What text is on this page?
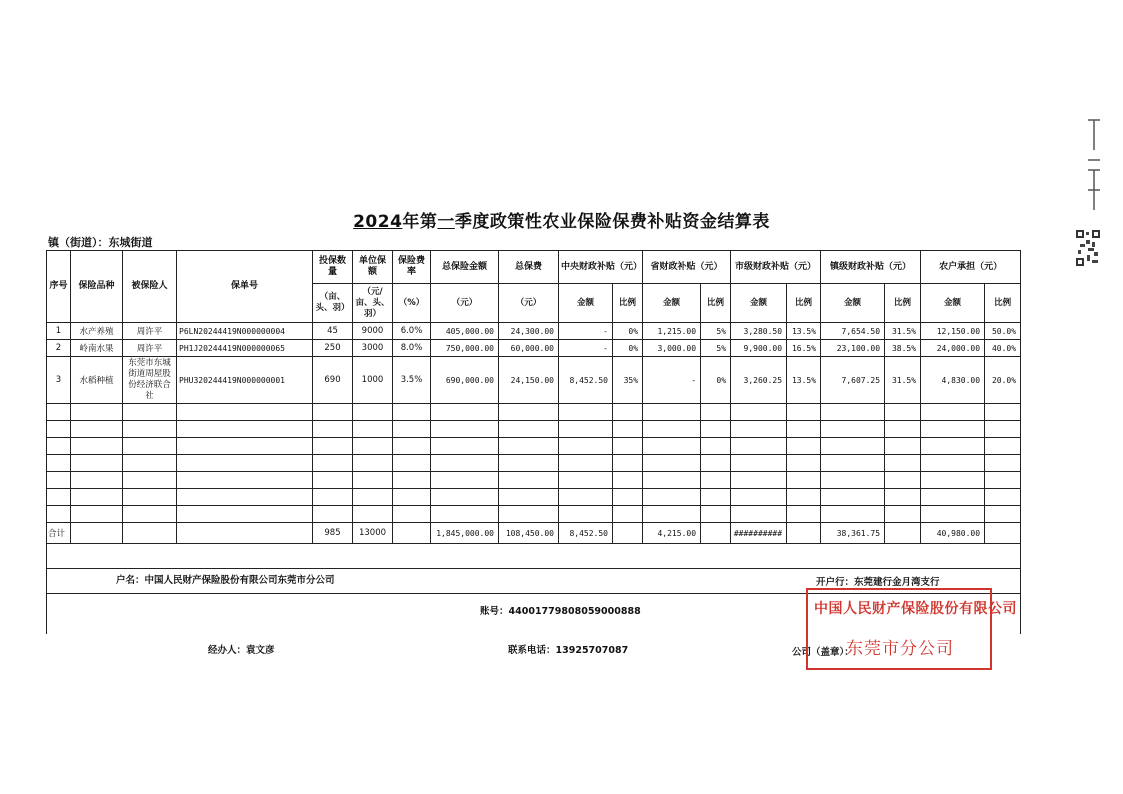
2024年第一季度政策性农业保险保费补贴资金结算表
镇（街道）：东城街道
序号	保险品种	被保险人	保单号	投保数量	单位保额	保险费率	总保险金额	总保费	中央财政补贴（元）		省财政补贴（元）		市级财政补贴（元）		镇级财政补贴（元）		农户承担（元）	
				（亩、头、羽）	（元/亩、头、羽）	（%）	（元）	（元）	金额	比例	金额	比例	金额	比例	金额	比例	金额	比例
1	水产养殖	周许平	P6LN20244419N000000004	45	9000	6.0%	405,000.00	24,300.00	-	0%	1,215.00	5%	3,280.50	13.5%	7,654.50	31.5%	12,150.00	50.0%
2	岭南水果	周许平	PH1J20244419N000000065	250	3000	8.0%	750,000.00	60,000.00	-	0%	3,000.00	5%	9,900.00	16.5%	23,100.00	38.5%	24,000.00	40.0%
3	水稻种植	东莞市东城街道周屋股份经济联合社	PHU320244419N000000001	690	1000	3.5%	690,000.00	24,150.00	8,452.50	35%	-	0%	3,260.25	13.5%	7,607.25	31.5%	4,830.00	20.0%

合计				985	13000		1,845,000.00	108,450.00	8,452.50		4,215.00		##########		38,361.75		40,980.00	

户名：中国人民财产保险股份有限公司东莞市分公司	开户行：东莞建行金月湾支行
账号：44001779808059000888
经办人：袁文彦	联系电话：13925707087	公司（盖章）：
中国人民财产保险股份有限公司
东莞市分公司
